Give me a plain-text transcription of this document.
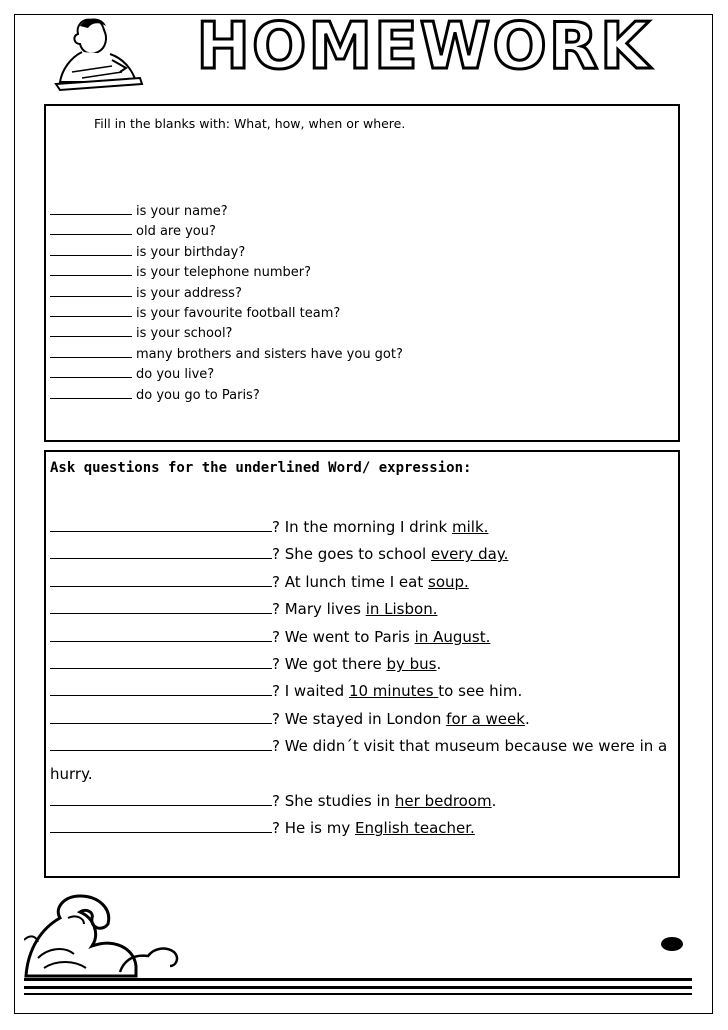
HOMEWORK
Fill in the blanks with: What, how, when or where.
is your name?
old are you?
is your birthday?
is your telephone number?
is your address?
is your favourite football team?
is your school?
many brothers and sisters have you got?
do you live?
do you go to Paris?
Ask questions for the underlined Word/ expression:
? In the morning I drink milk.
? She goes to school every day.
? At lunch time I eat soup.
? Mary lives in Lisbon.
? We went to Paris in August.
? We got there by bus.
? I waited 10 minutes to see him.
? We stayed in London for a week.
? We didn´t visit that museum because we were in a hurry.
? She studies in her bedroom.
? He is my English teacher.
